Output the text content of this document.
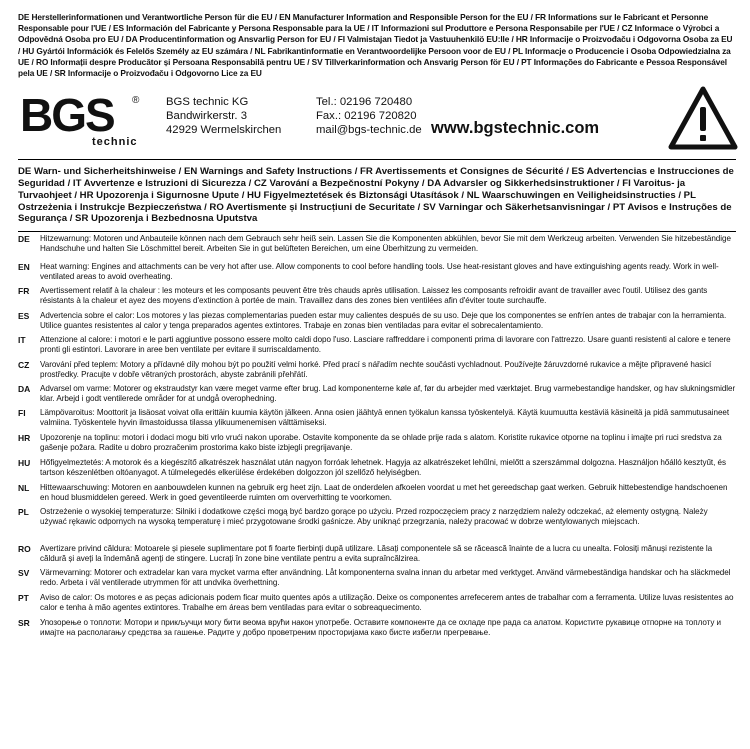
DE Herstellerinformationen und Verantwortliche Person für die EU / EN Manufacturer Information and Responsible Person for the EU / FR Informations sur le Fabricant et Personne Responsable pour l'UE / ES Información del Fabricante y Persona Responsable para la UE / IT Informazioni sul Produttore e Persona Responsabile per l'UE / CZ Informace o Výrobci a Odpovědná Osoba pro EU / DA Producentinformation og Ansvarlig Person for EU / FI Valmistajan Tiedot ja Vastuuhenkilö EU:lle / HR Informacije o Proizvođaču i Odgovorna Osoba za EU / HU Gyártói Információk és Felelős Személy az EU számára / NL Fabrikantinformatie en Verantwoordelijke Persoon voor de EU / PL Informacje o Producencie i Osoba Odpowiedzialna za UE / RO Informații despre Producător și Persoana Responsabilă pentru UE / SV Tillverkarinformation och Ansvarig Person för EU / PT Informações do Fabricante e Pessoa Responsável pela UE / SR Informacije o Proizvođaču i Odgovorno Lice za EU
BGS ®
technic
BGS technic KG
Bandwirkerstr. 3
42929 Wermelskirchen
Tel.: 02196 720480
Fax.: 02196 720820
mail@bgs-technic.de www.bgstechnic.com
DE Warn- und Sicherheitshinweise / EN Warnings and Safety Instructions / FR Avertissements et Consignes de Sécurité / ES Advertencias e Instrucciones de Seguridad / IT Avvertenze e Istruzioni di Sicurezza / CZ Varování a Bezpečnostní Pokyny / DA Advarsler og Sikkerhedsinstruktioner / FI Varoitus- ja Turvaohjeet / HR Upozorenja i Sigurnosne Upute / HU Figyelmeztetések és Biztonsági Utasítások / NL Waarschuwingen en Veiligheidsinstructies / PL Ostrzeżenia i Instrukcje Bezpieczeństwa / RO Avertismente și Instrucțiuni de Securitate / SV Varningar och Säkerhetsanvisningar / PT Avisos e Instruções de Segurança / SR Upozorenja i Bezbednosna Uputstva
DE Hitzewarnung: Motoren und Anbauteile können nach dem Gebrauch sehr heiß sein. Lassen Sie die Komponenten abkühlen, bevor Sie mit dem Werkzeug arbeiten. Verwenden Sie hitzebeständige Handschuhe und halten Sie Löschmittel bereit. Arbeiten Sie in gut belüfteten Bereichen, um eine Überhitzung zu vermeiden.
EN Heat warning: Engines and attachments can be very hot after use. Allow components to cool before handling tools. Use heat-resistant gloves and have extinguishing agents ready. Work in well-ventilated areas to avoid overheating.
FR Avertissement relatif à la chaleur : les moteurs et les composants peuvent être très chauds après utilisation. Laissez les composants refroidir avant de travailler avec l'outil. Utilisez des gants résistants à la chaleur et ayez des moyens d'extinction à portée de main. Travaillez dans des zones bien ventilées afin d'éviter toute surchauffe.
ES Advertencia sobre el calor: Los motores y las piezas complementarias pueden estar muy calientes después de su uso. Deje que los componentes se enfríen antes de trabajar con la herramienta. Utilice guantes resistentes al calor y tenga preparados agentes extintores. Trabaje en zonas bien ventiladas para evitar el sobrecalentamiento.
IT Attenzione al calore: i motori e le parti aggiuntive possono essere molto caldi dopo l'uso. Lasciare raffreddare i componenti prima di lavorare con l'attrezzo. Usare guanti resistenti al calore e tenere pronti gli estintori. Lavorare in aree ben ventilate per evitare il surriscaldamento.
CZ Varování před teplem: Motory a přídavné díly mohou být po použití velmi horké. Před prací s nářadím nechte součásti vychladnout. Používejte žáruvzdorné rukavice a mějte připravené hasicí prostředky. Pracujte v dobře větraných prostorách, abyste zabránili přehřátí.
DA Advarsel om varme: Motorer og ekstraudstyr kan være meget varme efter brug. Lad komponenterne køle af, før du arbejder med værktøjet. Brug varmebestandige handsker, og hav slukningsmidler klar. Arbejd i godt ventilerede områder for at undgå overophedning.
FI Lämpövaroitus: Moottorit ja lisäosat voivat olla erittäin kuumia käytön jälkeen. Anna osien jäähtyä ennen työkalun kanssa työskentelyä. Käytä kuumuutta kestäviä käsineitä ja pidä sammutusaineet valmiina. Työskentele hyvin ilmastoidussa tilassa ylikuumenemisen välttämiseksi.
HR Upozorenje na toplinu: motori i dodaci mogu biti vrlo vrući nakon uporabe. Ostavite komponente da se ohlade prije rada s alatom. Koristite rukavice otporne na toplinu i imajte pri ruci sredstva za gašenje požara. Radite u dobro prozračenim prostorima kako biste izbjegli pregrijavanje.
HU Hőfigyelmeztetés: A motorok és a kiegészítő alkatrészek használat után nagyon forróak lehetnek. Hagyja az alkatrészeket lehűlni, mielőtt a szerszámmal dolgozna. Használjon hőálló kesztyűt, és tartson készenlétben oltóanyagot. A túlmelegedés elkerülése érdekében dolgozzon jól szellőző helyiségben.
NL Hittewaarschuwing: Motoren en aanbouwdelen kunnen na gebruik erg heet zijn. Laat de onderdelen afkoelen voordat u met het gereedschap gaat werken. Gebruik hittebestendige handschoenen en houd blusmiddelen gereed. Werk in goed geventileerde ruimten om oververhitting te voorkomen.
PL Ostrzeżenie o wysokiej temperaturze: Silniki i dodatkowe części mogą być bardzo gorące po użyciu. Przed rozpoczęciem pracy z narzędziem należy odczekać, aż elementy ostygną. Należy używać rękawic odpornych na wysoką temperaturę i mieć przygotowane środki gaśnicze. Aby uniknąć przegrzania, należy pracować w dobrze wentylowanych miejscach.
RO Avertizare privind căldura: Motoarele și piesele suplimentare pot fi foarte fierbinți după utilizare. Lăsați componentele să se răcească înainte de a lucra cu unealta. Folosiți mănuși rezistente la căldură și aveți la îndemână agenți de stingere. Lucrați în zone bine ventilate pentru a evita supraîncălzirea.
SV Värmevarning: Motorer och extradelar kan vara mycket varma efter användning. Låt komponenterna svalna innan du arbetar med verktyget. Använd värmebeständiga handskar och ha släckmedel redo. Arbeta i väl ventilerade utrymmen för att undvika överhettning.
PT Aviso de calor: Os motores e as peças adicionais podem ficar muito quentes após a utilização. Deixe os componentes arrefecerem antes de trabalhar com a ferramenta. Utilize luvas resistentes ao calor e tenha à mão agentes extintores. Trabalhe em áreas bem ventiladas para evitar o sobreaquecimento.
SR Упозорење о топлоти: Мотори и прикључци могу бити веома врући након употребе. Оставите компоненте да се охладе пре рада са алатом. Користите рукавице отпорне на топлоту и имајте на располагању средства за гашење. Радите у добро проветреним просторијама како бисте избегли прегревање.
